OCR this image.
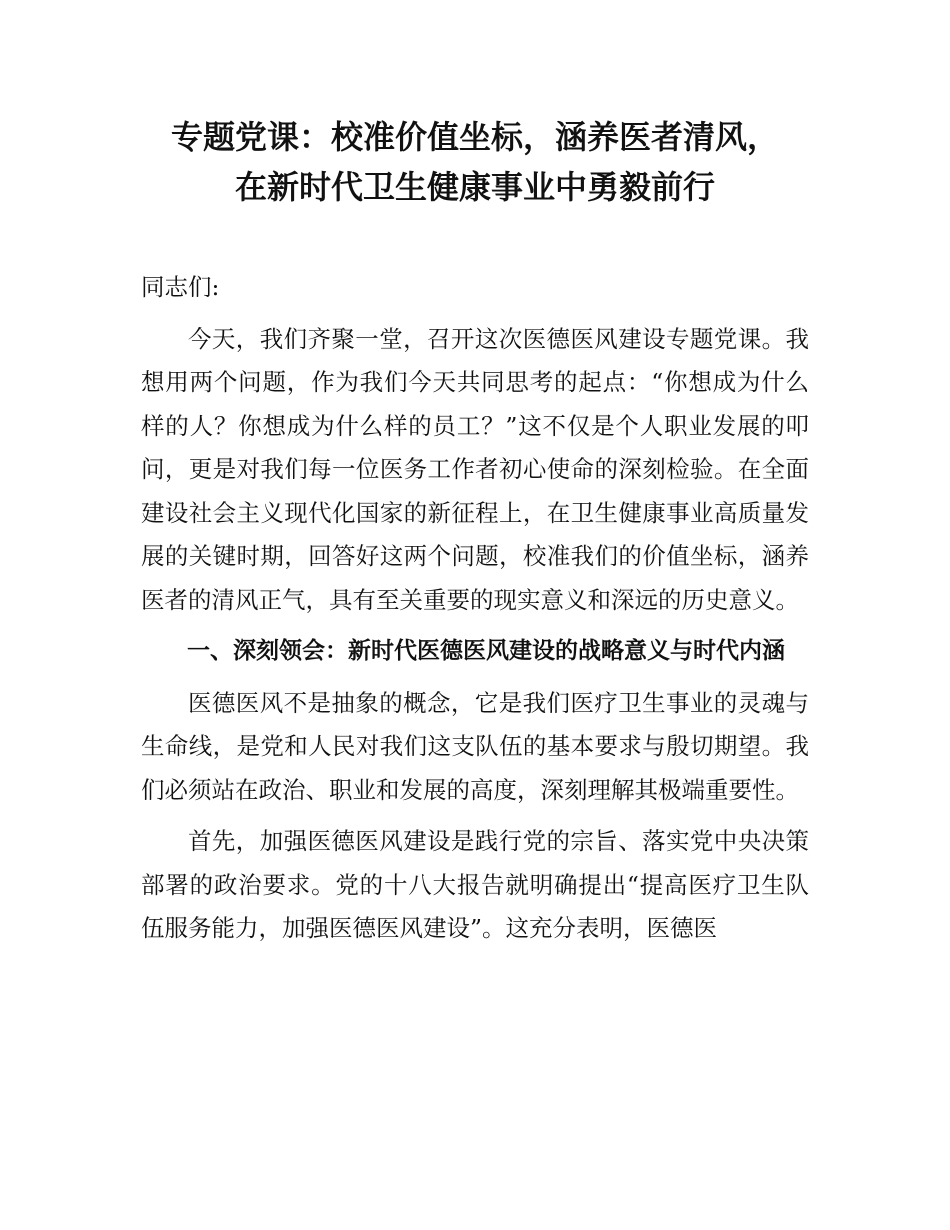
专题党课：校准价值坐标，涵养医者清风，
在新时代卫生健康事业中勇毅前行

同志们:

今天，我们齐聚一堂，召开这次医德医风建设专题党课。我想用两个问题，作为我们今天共同思考的起点：“你想成为什么样的人？你想成为什么样的员工？”这不仅是个人职业发展的叩问，更是对我们每一位医务工作者初心使命的深刻检验。在全面建设社会主义现代化国家的新征程上，在卫生健康事业高质量发展的关键时期，回答好这两个问题，校准我们的价值坐标，涵养医者的清风正气，具有至关重要的现实意义和深远的历史意义。

一、深刻领会：新时代医德医风建设的战略意义与时代内涵

医德医风不是抽象的概念，它是我们医疗卫生事业的灵魂与生命线，是党和人民对我们这支队伍的基本要求与殷切期望。我们必须站在政治、职业和发展的高度，深刻理解其极端重要性。

首先，加强医德医风建设是践行党的宗旨、落实党中央决策部署的政治要求。党的十八大报告就明确提出“提高医疗卫生队伍服务能力，加强医德医风建设”。这充分表明，医德医
